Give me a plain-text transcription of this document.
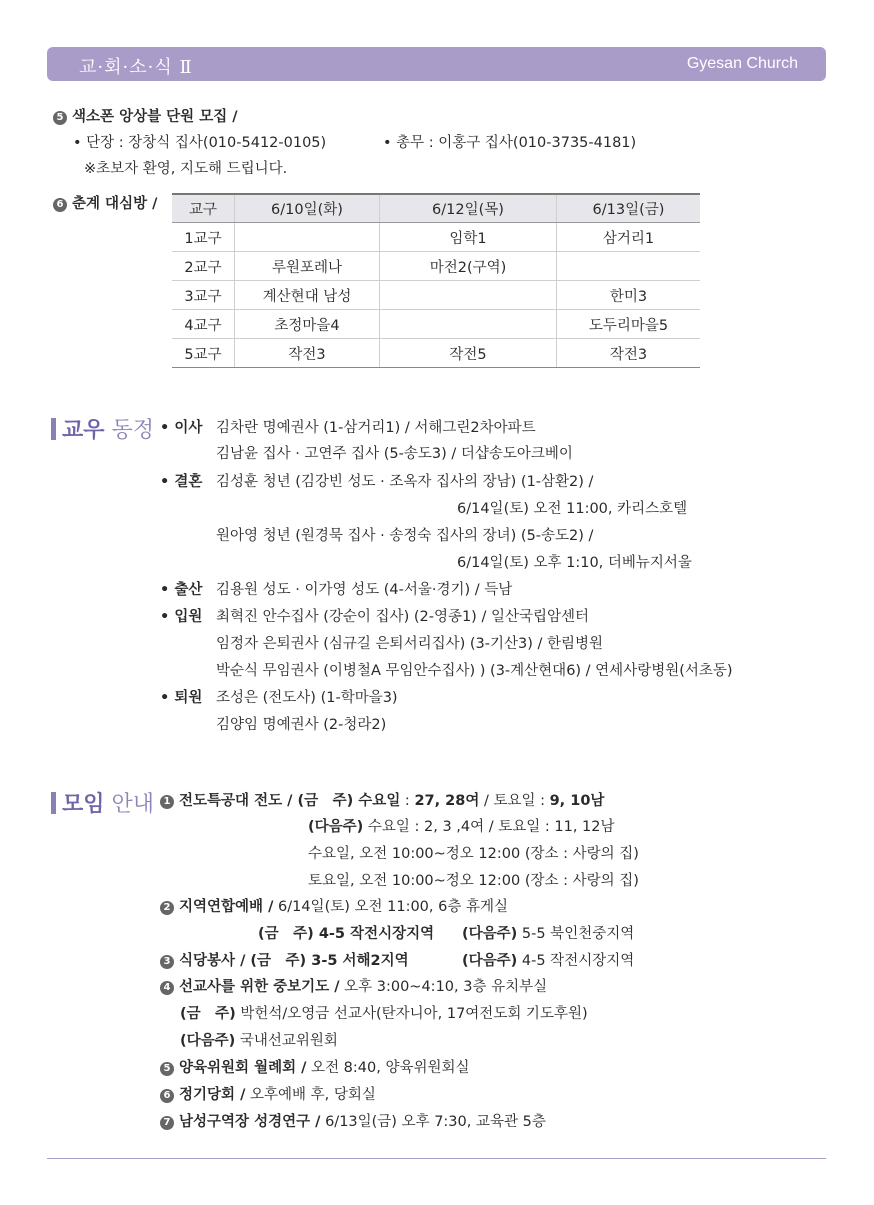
교·회·소·식 Ⅱ	Gyesan Church
5 색소폰 앙상블 단원 모집 /
• 단장 : 장창식 집사(010-5412-0105)	• 총무 : 이홍구 집사(010-3735-4181)
※초보자 환영, 지도해 드립니다.
6 춘계 대심방 / 교구	6/10일(화)	6/12일(목)	6/13일(금)
1교구		임학1	삼거리1
2교구	루원포레나	마전2(구역)	
3교구	계산현대 남성		한미3
4교구	초정마을4		도두리마을5
5교구	작전3	작전5	작전3
교우 동정 • 이사 김차란 명예권사 (1-삼거리1) / 서해그린2차아파트
김남윤 집사 · 고연주 집사 (5-송도3) / 더샵송도아크베이
• 결혼 김성훈 청년 (김강빈 성도 · 조옥자 집사의 장남) (1-삼환2) /
6/14일(토) 오전 11:00, 카리스호텔
원아영 청년 (원경묵 집사 · 송정숙 집사의 장녀) (5-송도2) /
6/14일(토) 오후 1:10, 더베뉴지서울
• 출산 김용원 성도 · 이가영 성도 (4-서울·경기) / 득남
• 입원 최혁진 안수집사 (강순이 집사) (2-영종1) / 일산국립암센터
임정자 은퇴권사 (심규길 은퇴서리집사) (3-기산3) / 한림병원
박순식 무임권사 (이병철A 무임안수집사) ) (3-계산현대6) / 연세사랑병원(서초동)
• 퇴원 조성은 (전도사) (1-학마을3)
김양임 명예권사 (2-청라2)
모임 안내 1 전도특공대 전도 / (금　주) 수요일 : 27, 28여 / 토요일 : 9, 10남
(다음주) 수요일 : 2, 3 ,4여 / 토요일 : 11, 12남
수요일, 오전 10:00~정오 12:00 (장소 : 사랑의 집)
토요일, 오전 10:00~정오 12:00 (장소 : 사랑의 집)
2 지역연합예배 / 6/14일(토) 오전 11:00, 6층 휴게실
(금　주) 4-5 작전시장지역 (다음주) 5-5 북인천중지역
3 식당봉사 / (금　주) 3-5 서해2지역	(다음주) 4-5 작전시장지역
4 선교사를 위한 중보기도 / 오후 3:00~4:10, 3층 유치부실
(금　주) 박헌석/오영금 선교사(탄자니아, 17여전도회 기도후원)
(다음주) 국내선교위원회
5 양육위원회 월례회 / 오전 8:40, 양육위원회실
6 정기당회 / 오후예배 후, 당회실
7 남성구역장 성경연구 / 6/13일(금) 오후 7:30, 교육관 5층
